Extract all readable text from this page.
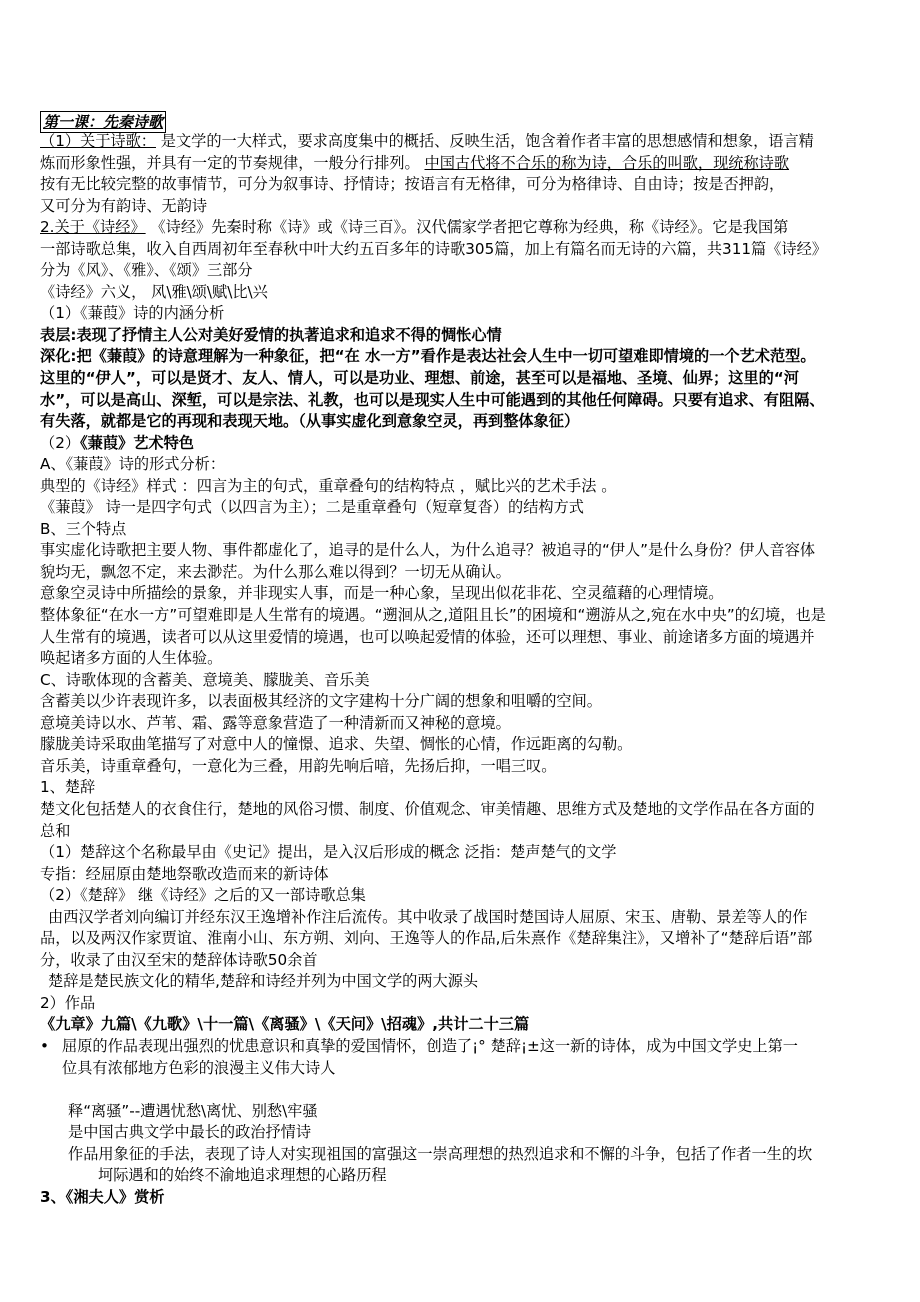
第一课：先秦诗歌
（1）关于诗歌： 是文学的一大样式，要求高度集中的概括、反映生活，饱含着作者丰富的思想感情和想象，语言精
炼而形象性强，并具有一定的节奏规律，一般分行排列。 中国古代将不合乐的称为诗，合乐的叫歌，现统称诗歌
按有无比较完整的故事情节，可分为叙事诗、抒情诗；按语言有无格律，可分为格律诗、自由诗；按是否押韵，
又可分为有韵诗、无韵诗
2.关于《诗经》 《诗经》先秦时称《诗》或《诗三百》。汉代儒家学者把它尊称为经典，称《诗经》。它是我国第
一部诗歌总集，收入自西周初年至春秋中叶大约五百多年的诗歌305篇，加上有篇名而无诗的六篇，共311篇《诗经》
分为《风》、《雅》、《颂》三部分
《诗经》六义， 风\雅\颂\赋\比\兴
（1）《蒹葭》诗的内涵分析
表层:表现了抒情主人公对美好爱情的执著追求和追求不得的惆怅心情
深化:把《蒹葭》的诗意理解为一种象征，把“在 水一方”看作是表达社会人生中一切可望难即情境的一个艺术范型。
这里的“伊人”，可以是贤才、友人、情人，可以是功业、理想、前途，甚至可以是福地、圣境、仙界；这里的“河
水”，可以是高山、深堑，可以是宗法、礼教，也可以是现实人生中可能遇到的其他任何障碍。只要有追求、有阻隔、
有失落，就都是它的再现和表现天地。（从事实虚化到意象空灵，再到整体象征）
（2）《蒹葭》艺术特色
A、《蒹葭》诗的形式分析：
典型的《诗经》样式 ：四言为主的句式，重章叠句的结构特点 ，赋比兴的艺术手法 。
《蒹葭》 诗一是四字句式（以四言为主）；二是重章叠句（短章复沓）的结构方式
B、三个特点
事实虚化诗歌把主要人物、事件都虚化了，追寻的是什么人，为什么追寻？被追寻的“伊人”是什么身份？伊人音容体
貌均无，飘忽不定，来去渺茫。为什么那么难以得到？一切无从确认。
意象空灵诗中所描绘的景象，并非现实人事，而是一种心象，呈现出似花非花、空灵蕴藉的心理情境。
整体象征“在水一方”可望难即是人生常有的境遇。“遡洄从之,道阻且长”的困境和“遡游从之,宛在水中央”的幻境，也是
人生常有的境遇，读者可以从这里爱情的境遇，也可以唤起爱情的体验，还可以理想、事业、前途诸多方面的境遇并
唤起诸多方面的人生体验。
C、诗歌体现的含蓄美、意境美、朦胧美、音乐美
含蓄美以少许表现许多，以表面极其经济的文字建构十分广阔的想象和咀嚼的空间。
意境美诗以水、芦苇、霜、露等意象营造了一种清新而又神秘的意境。
朦胧美诗采取曲笔描写了对意中人的憧憬、追求、失望、惆怅的心情，作远距离的勾勒。
音乐美，诗重章叠句，一意化为三叠，用韵先响后喑，先扬后抑，一唱三叹。
1、楚辞
楚文化包括楚人的衣食住行，楚地的风俗习惯、制度、价值观念、审美情趣、思维方式及楚地的文学作品在各方面的
总和
（1）楚辞这个名称最早由《史记》提出，是入汉后形成的概念 泛指：楚声楚气的文学
专指：经屈原由楚地祭歌改造而来的新诗体
（2）《楚辞》 继《诗经》之后的又一部诗歌总集
由西汉学者刘向编订并经东汉王逸增补作注后流传。其中收录了战国时楚国诗人屈原、宋玉、唐勒、景差等人的作
品，以及两汉作家贾谊、淮南小山、东方朔、刘向、王逸等人的作品,后朱熹作《楚辞集注》，又增补了“楚辞后语”部
分，收录了由汉至宋的楚辞体诗歌50余首
楚辞是楚民族文化的精华,楚辞和诗经并列为中国文学的两大源头
2）作品
《九章》九篇\《九歌》\十一篇\《离骚》\《天问》\招魂》,共计二十三篇
• 屈原的作品表现出强烈的忧患意识和真挚的爱国情怀，创造了¡° 楚辞¡±这一新的诗体，成为中国文学史上第一
位具有浓郁地方色彩的浪漫主义伟大诗人
释“离骚”--遭遇忧愁\离忧、别愁\牢骚
是中国古典文学中最长的政治抒情诗
作品用象征的手法，表现了诗人对实现祖国的富强这一崇高理想的热烈追求和不懈的斗争，包括了作者一生的坎
坷际遇和的始终不渝地追求理想的心路历程
3、《湘夫人》赏析
